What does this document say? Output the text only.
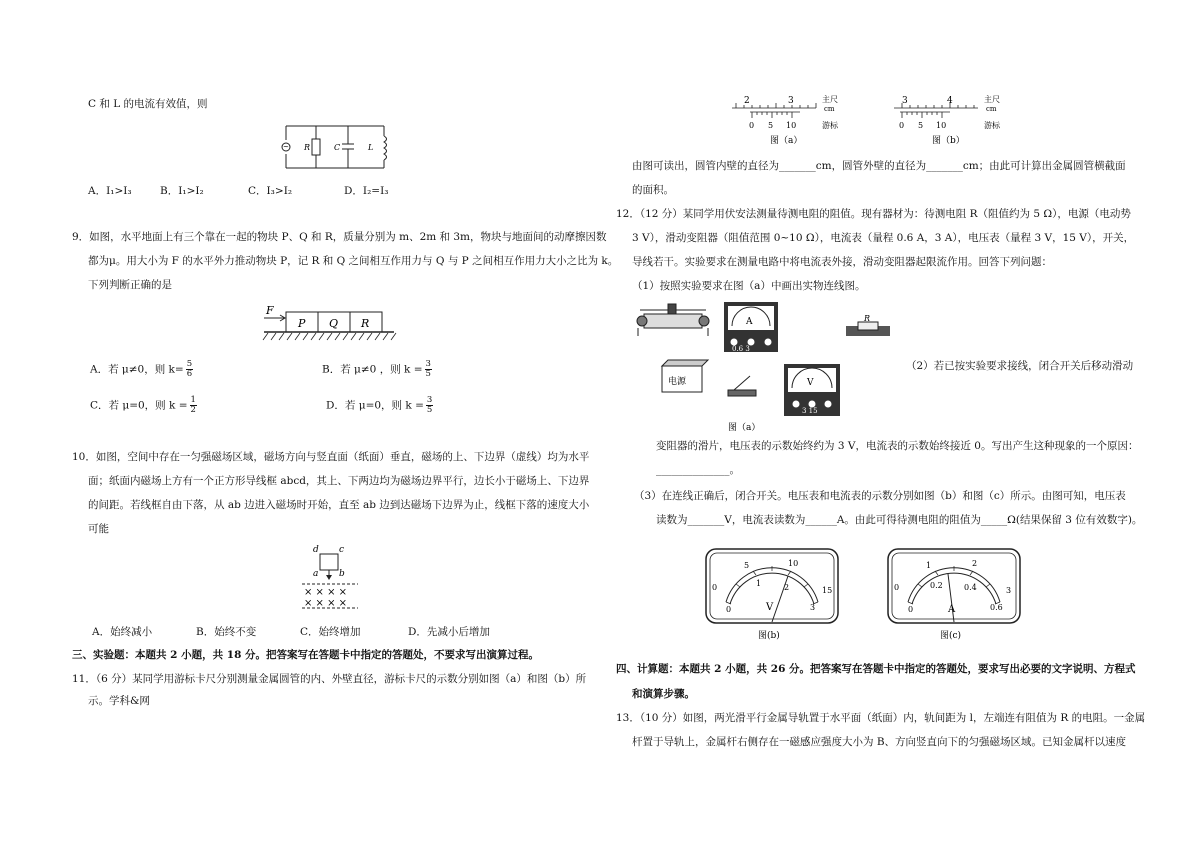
C 和 L 的电流有效值，则
~ R	C	L
A．I₁>I₃	B．I₁>I₂	C．I₃>I₂	D．I₂=I₃
9．如图，水平地面上有三个靠在一起的物块 P、Q 和 R，质量分别为 m、2m 和 3m，物块与地面间的动摩擦因数
都为μ。用大小为 F 的水平外力推动物块 P，记 R 和 Q 之间相互作用力与 Q 与 P 之间相互作用力大小之比为 k。
下列判断正确的是
F
P Q R
A．若 μ≠0，则 $k= \frac{5}{6}$	B．若 μ≠0 ，则 $k = \frac{3}{5}$
C．若 μ=0，则 $k = \frac{1}{2}$	D．若 μ=0，则 $k = \frac{3}{5}$
10．如图，空间中存在一匀强磁场区域，磁场方向与竖直面（纸面）垂直，磁场的上、下边界（虚线）均为水平
面；纸面内磁场上方有一个正方形导线框 abcd，其上、下两边均为磁场边界平行，边长小于磁场上、下边界
的间距。若线框自由下落，从 ab 边进入磁场时开始，直至 ab 边到达磁场下边界为止，线框下落的速度大小
可能
d c
a b
× × × ×
× × × ×
A．始终减小	B．始终不变	C．始终增加	D．先减小后增加
三、实验题：本题共 2 小题，共 18 分。把答案写在答题卡中指定的答题处，不要求写出演算过程。
11．（6 分）某同学用游标卡尺分别测量金属圆管的内、外壁直径，游标卡尺的示数分别如图（a）和图（b）所
示。学科&网
2	3	主尺
cm
0 5 10	游标
图（a）
3	4	主尺
cm
0 5 10	游标
图（b）
由图可读出，圆管内壁的直径为_______cm，圆管外壁的直径为_______cm；由此可计算出金属圆管横截面
的面积。
12．（12 分）某同学用伏安法测量待测电阻的阻值。现有器材为：待测电阻 R（阻值约为 5 Ω），电源（电动势
3 V），滑动变阻器（阻值范围 0~10 Ω），电流表（量程 0.6 A，3 A），电压表（量程 3 V，15 V），开关，
导线若干。实验要求在测量电路中将电流表外接，滑动变阻器起限流作用。回答下列问题：
（1）按照实验要求在图（a）中画出实物连线图。
A
0.6 3
R
电源	V
3 15
图（a）
（2）若已按实验要求接线，闭合开关后移动滑动
变阻器的滑片，电压表的示数始终约为 3 V，电流表的示数始终接近 0。写出产生这种现象的一个原因：
______________。
（3）在连线正确后，闭合开关。电压表和电流表的示数分别如图（b）和图（c）所示。由图可知，电压表
读数为_______V，电流表读数为______A。由此可得待测电阻的阻值为_____Ω(结果保留 3 位有效数字)。
0
5	10
15
0
1	2
3
V
图(b)
0
1	2
3
0
0.2	0.4
0.6
A
图(c)
四、计算题：本题共 2 小题，共 26 分。把答案写在答题卡中指定的答题处，要求写出必要的文字说明、方程式
和演算步骤。
13．（10 分）如图，两光滑平行金属导轨置于水平面（纸面）内，轨间距为 l，左端连有阻值为 R 的电阻。一金属
杆置于导轨上，金属杆右侧存在一磁感应强度大小为 B、方向竖直向下的匀强磁场区域。已知金属杆以速度
